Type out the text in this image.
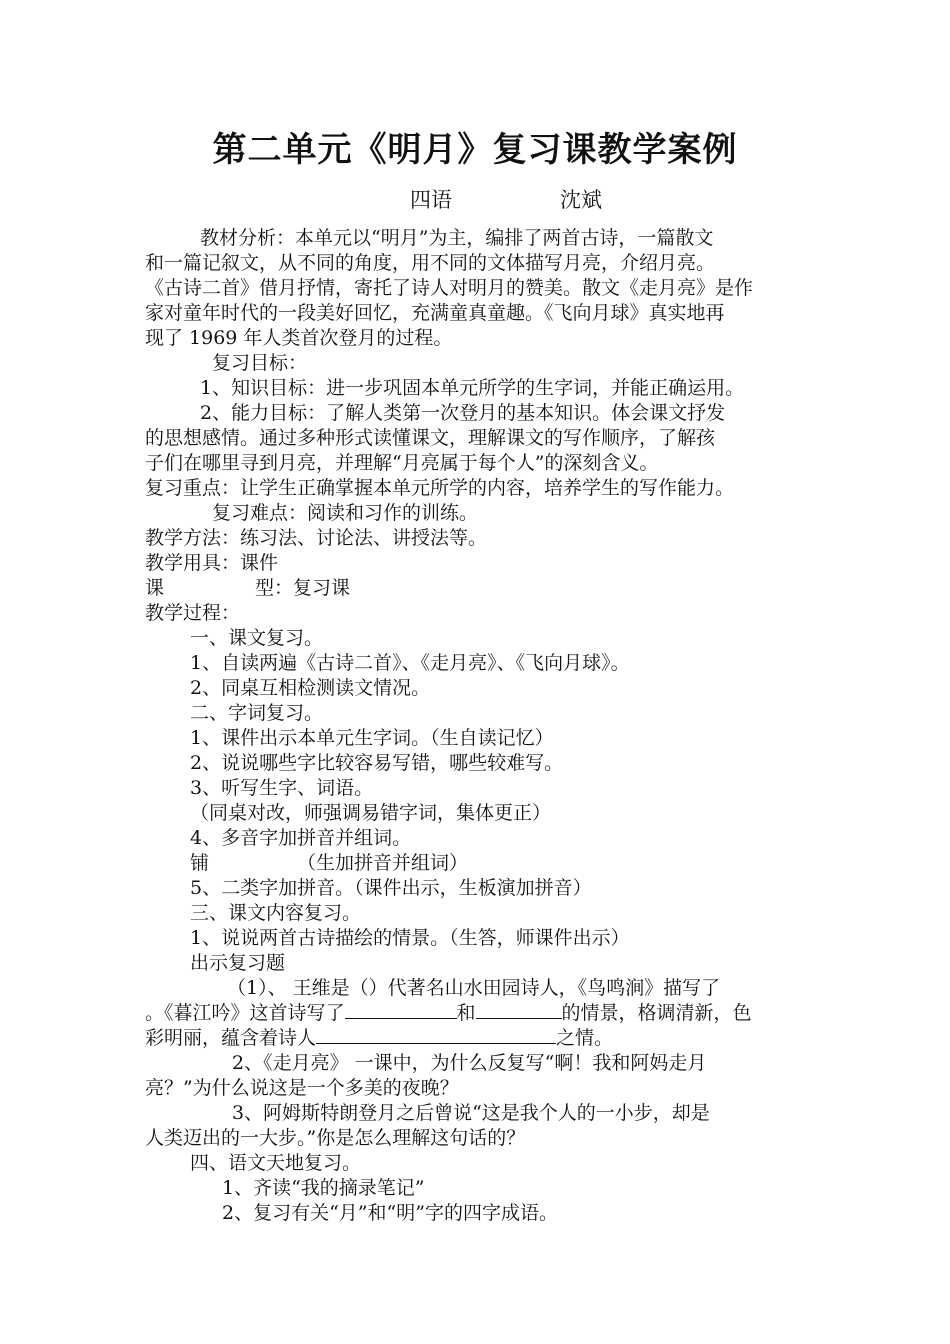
第二单元《明月》复习课教学案例
四语	沈斌
教材分析：本单元以“明月”为主，编排了两首古诗，一篇散文
和一篇记叙文，从不同的角度，用不同的文体描写月亮，介绍月亮。
《古诗二首》借月抒情，寄托了诗人对明月的赞美。散文《走月亮》是作
家对童年时代的一段美好回忆，充满童真童趣。《飞向月球》真实地再
现了 1969 年人类首次登月的过程。
复习目标：
1、知识目标：进一步巩固本单元所学的生字词，并能正确运用。
2、能力目标：了解人类第一次登月的基本知识。体会课文抒发
的思想感情。通过多种形式读懂课文，理解课文的写作顺序，了解孩
子们在哪里寻到月亮，并理解“月亮属于每个人”的深刻含义。
复习重点：让学生正确掌握本单元所学的内容，培养学生的写作能力。
复习难点：阅读和习作的训练。
教学方法：练习法、讨论法、讲授法等。
教学用具：课件
课	型：复习课
教学过程：
一、课文复习。
1、自读两遍《古诗二首》、《走月亮》、《飞向月球》。
2、同桌互相检测读文情况。
二、字词复习。
1、课件出示本单元生字词。（生自读记忆）
2、说说哪些字比较容易写错，哪些较难写。
3、听写生字、词语。
（同桌对改，师强调易错字词，集体更正）
4、多音字加拼音并组词。
铺	（生加拼音并组词）
5、二类字加拼音。（课件出示，生板演加拼音）
三、课文内容复习。
1、说说两首古诗描绘的情景。（生答，师课件出示）
出示复习题
（1）、 王维是（）代著名山水田园诗人，《鸟鸣涧》描写了
。《暮江吟》这首诗写了	和	的情景，格调清新，色
彩明丽，蕴含着诗人	之情。
2、《走月亮》 一课中，为什么反复写“啊！我和阿妈走月
亮？”为什么说这是一个多美的夜晚？
3、阿姆斯特朗登月之后曾说“这是我个人的一小步，却是
人类迈出的一大步。”你是怎么理解这句话的？
四、语文天地复习。
1、齐读“我的摘录笔记”
2、复习有关“月”和“明”字的四字成语。
